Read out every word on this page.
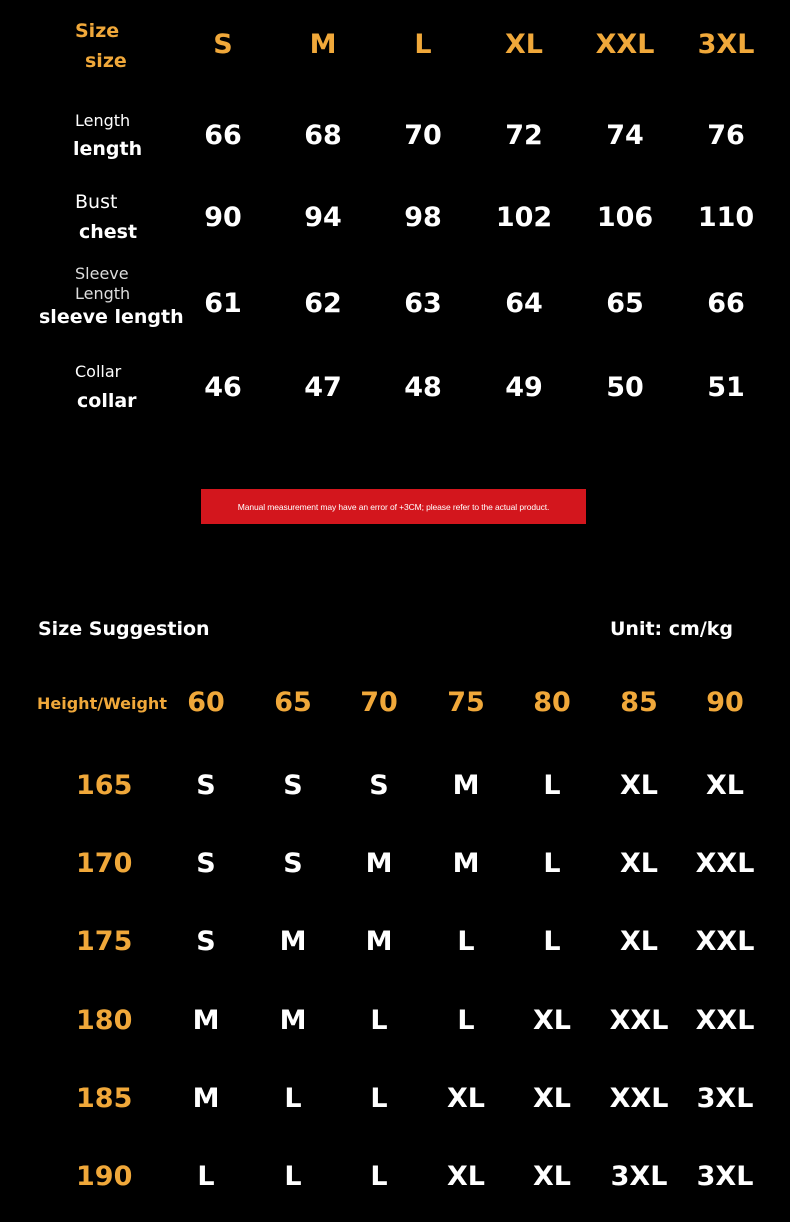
Size
size
S	M	L	XL	XXL	3XL
Length
length	66	68	70	72	74	76
Bust
chest	90	94	98	102	106	110
Sleeve
Length
sleeve length 61	62	63	64	65	66
Collar
collar	46	47	48	49	50	51
Manual measurement may have an error of +3CM; please refer to the actual product.
Size Suggestion	Unit: cm/kg
Height/Weight 60	65	70	75	80	85	90
165	S	S	S	M	L	XL	XL
170	S	S	M	M	L	XL	XXL
175	S	M	M	L	L	XL	XXL
180	M	M	L	L	XL	XXL	XXL
185	M	L	L	XL	XL	XXL	3XL
190	L	L	L	XL	XL	3XL	3XL
